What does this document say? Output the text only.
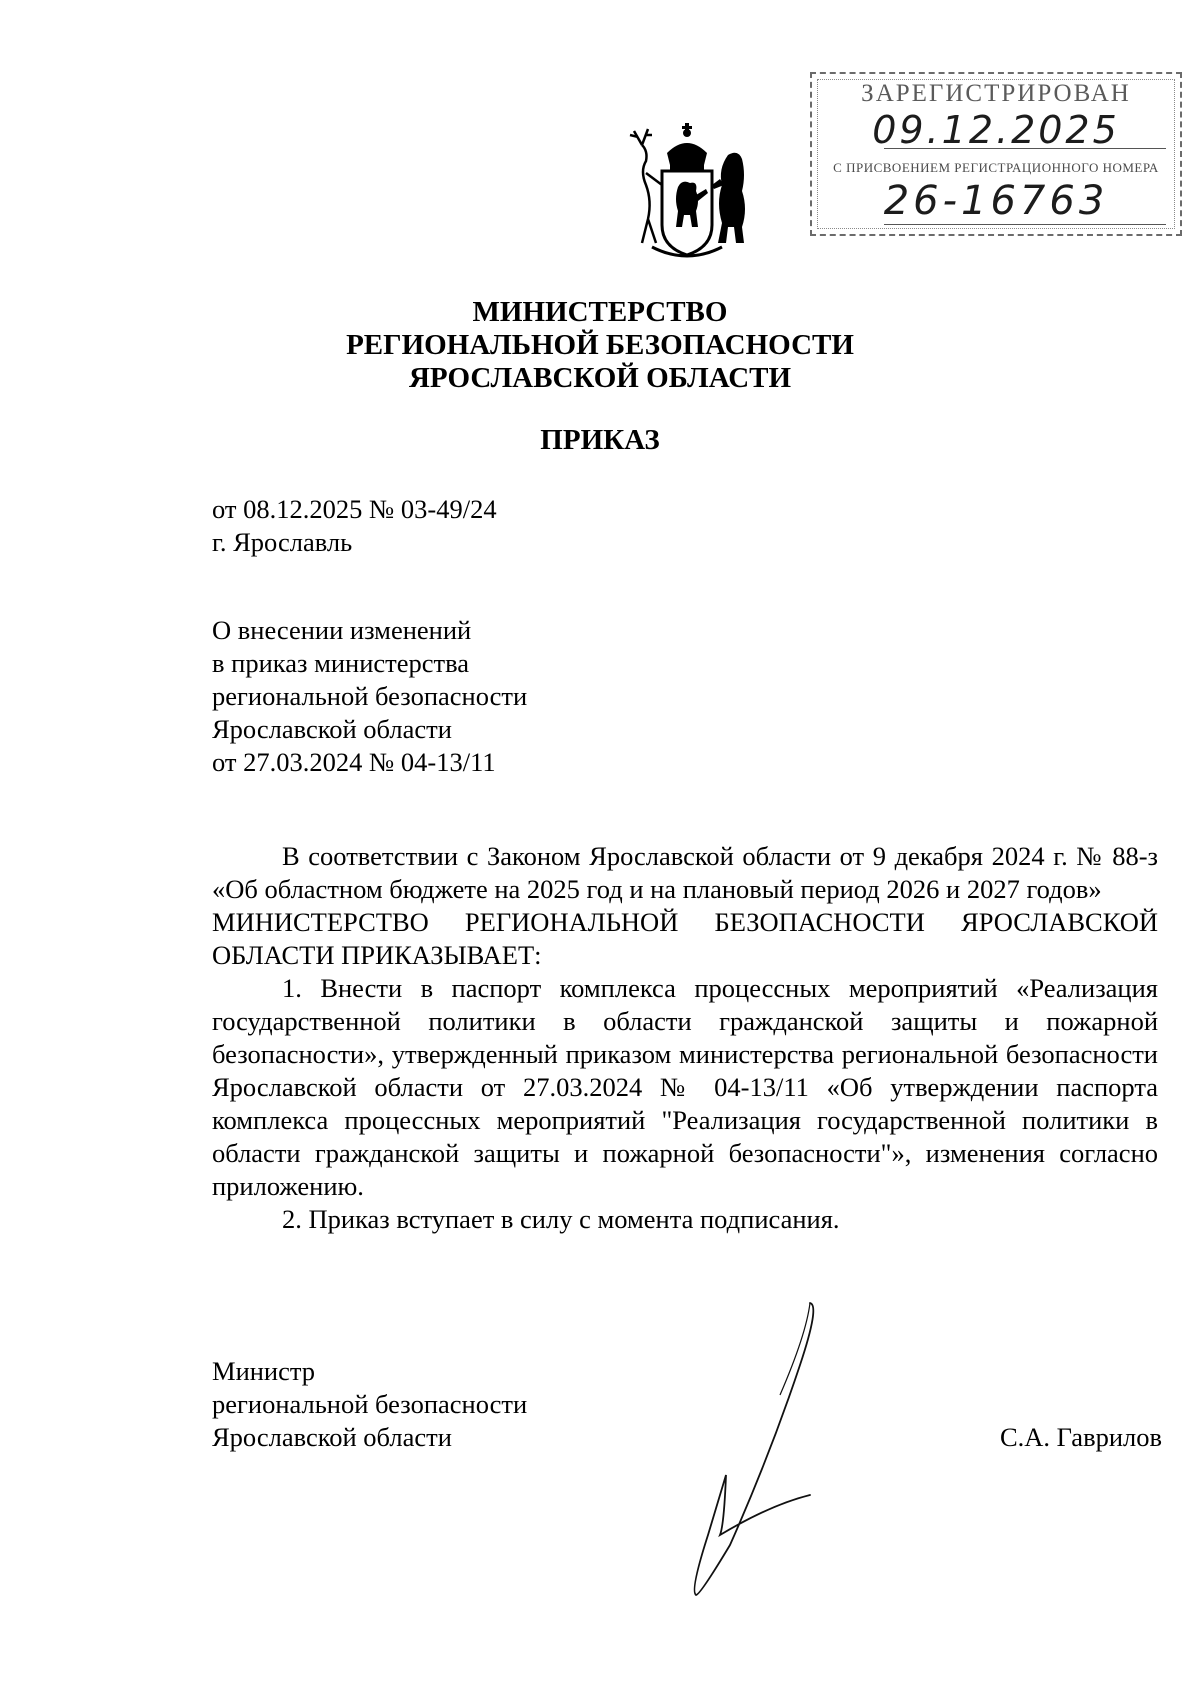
ЗАРЕГИСТРИРОВАН
09.12.2025
С ПРИСВОЕНИЕМ РЕГИСТРАЦИОННОГО НОМЕРА
26-16763
МИНИСТЕРСТВО
РЕГИОНАЛЬНОЙ БЕЗОПАСНОСТИ
ЯРОСЛАВСКОЙ ОБЛАСТИ
ПРИКАЗ
от 08.12.2025 № 03-49/24
г. Ярославль
О внесении изменений
в приказ министерства
региональной безопасности
Ярославской области
от 27.03.2024 № 04-13/11
В соответствии с Законом Ярославской области от 9 декабря 2024 г. № 88-з «Об областном бюджете на 2025 год и на плановый период 2026 и 2027 годов»
МИНИСТЕРСТВО РЕГИОНАЛЬНОЙ БЕЗОПАСНОСТИ ЯРОСЛАВСКОЙ ОБЛАСТИ ПРИКАЗЫВАЕТ:
1. Внести в паспорт комплекса процессных мероприятий «Реализация государственной политики в области гражданской защиты и пожарной безопасности», утвержденный приказом министерства региональной безопасности Ярославской области от 27.03.2024 № 04-13/11 «Об утверждении паспорта комплекса процессных мероприятий "Реализация государственной политики в области гражданской защиты и пожарной безопасности"», изменения согласно приложению.
2. Приказ вступает в силу с момента подписания.
Министр
региональной безопасности
Ярославской области	С.А. Гаврилов
